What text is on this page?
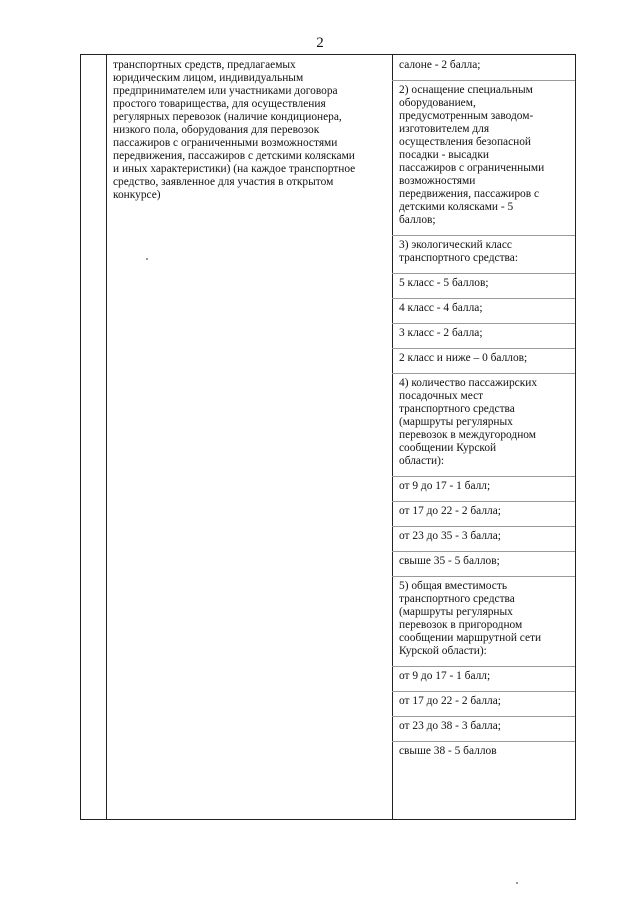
2
транспортных средств, предлагаемых
юридическим лицом, индивидуальным
предпринимателем или участниками договора
простого товарищества, для осуществления
регулярных перевозок (наличие кондиционера,
низкого пола, оборудования для перевозок
пассажиров с ограниченными возможностями
передвижения, пассажиров с детскими колясками
и иных характеристики) (на каждое транспортное
средство, заявленное для участия в открытом
конкурсе)
салоне - 2 балла;
2) оснащение специальным
оборудованием,
предусмотренным заводом-
изготовителем для
осуществления безопасной
посадки - высадки
пассажиров с ограниченными
возможностями
передвижения, пассажиров с
детскими колясками - 5
баллов;
3) экологический класс
транспортного средства:
5 класс - 5 баллов;
4 класс - 4 балла;
3 класс - 2 балла;
2 класс и ниже – 0 баллов;
4) количество пассажирских
посадочных мест
транспортного средства
(маршруты регулярных
перевозок в междугородном
сообщении Курской
области):
от 9 до 17 - 1 балл;
от 17 до 22 - 2 балла;
от 23 до 35 - 3 балла;
свыше 35 - 5 баллов;
5) общая вместимость
транспортного средства
(маршруты регулярных
перевозок в пригородном
сообщении маршрутной сети
Курской области):
от 9 до 17 - 1 балл;
от 17 до 22 - 2 балла;
от 23 до 38 - 3 балла;
свыше 38 - 5 баллов
